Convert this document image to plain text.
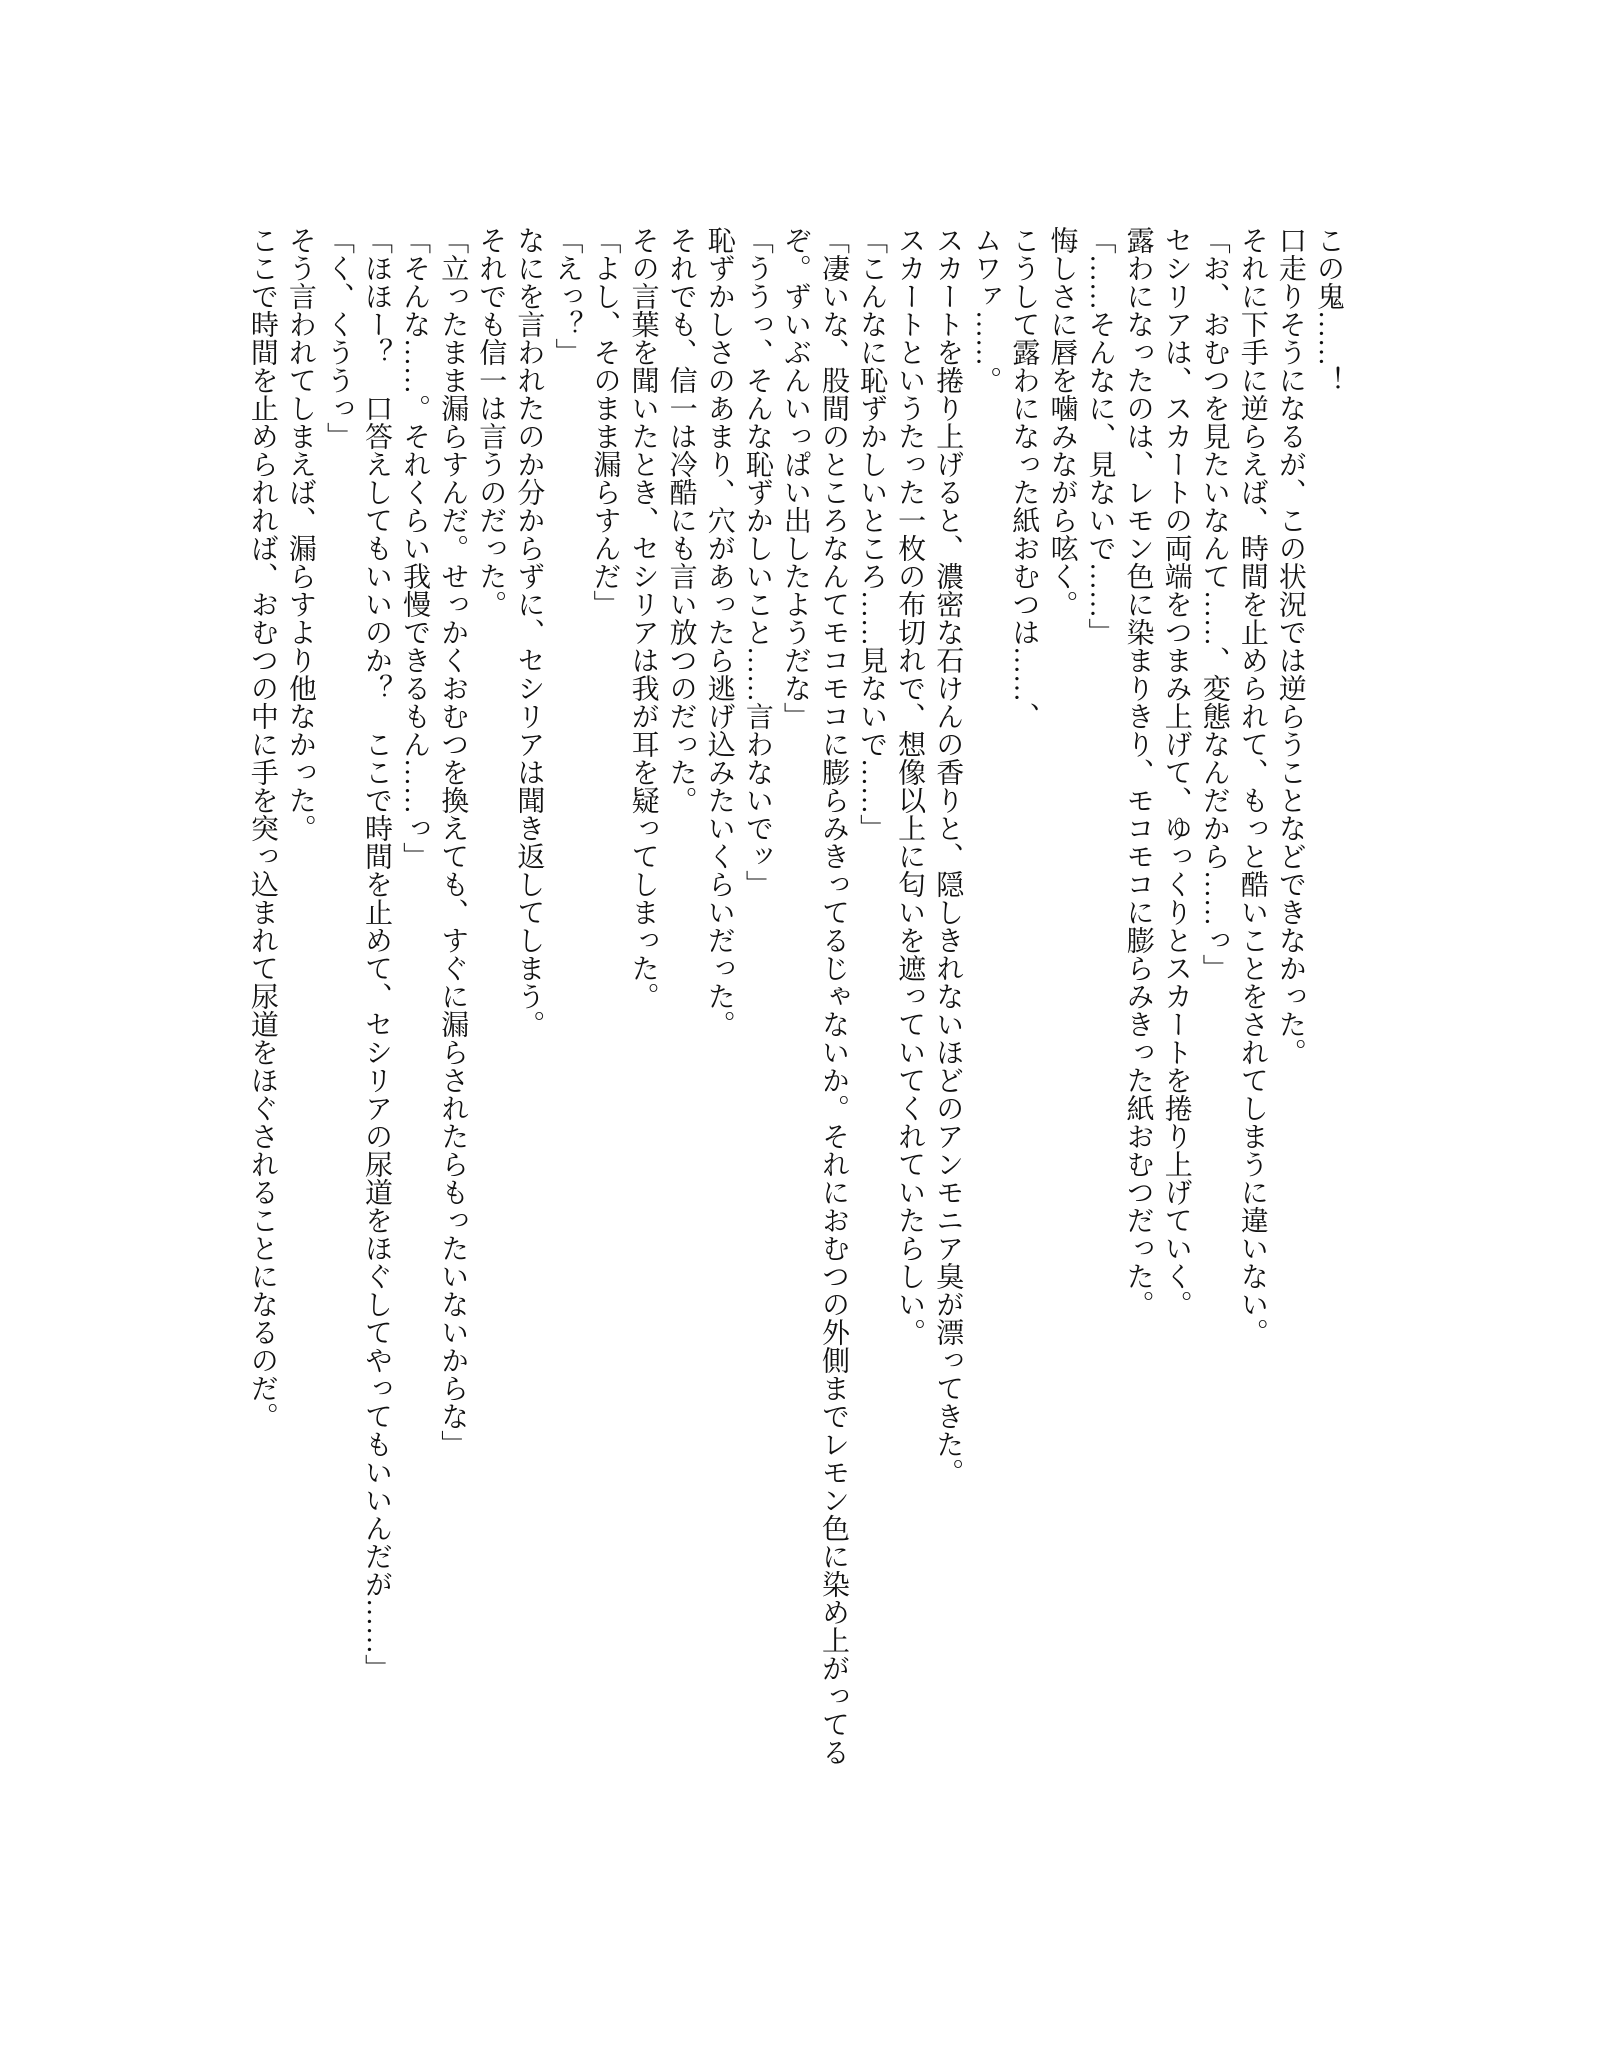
この鬼……！

口走りそうになるが、この状況では逆らうことなどできなかった。

それに下手に逆らえば、時間を止められて、もっと酷いことをされてしまうに違いない。

「お、おむつを見たいなんて……、変態なんだから……っ」

セシリアは、スカートの両端をつまみ上げて、ゆっくりとスカートを捲り上げていく。

露わになったのは、レモン色に染まりきり、モコモコに膨らみきった紙おむつだった。

「……そんなに、見ないで……」

悔しさに唇を噛みながら呟く。

こうして露わになった紙おむつは……、

ムワァ……。

スカートを捲り上げると、濃密な石けんの香りと、隠しきれないほどのアンモニア臭が漂ってきた。

スカートというたった一枚の布切れで、想像以上に匂いを遮っていてくれていたらしい。

「こんなに恥ずかしいところ……見ないで……」

「凄いな、股間のところなんてモコモコに膨らみきってるじゃないか。それにおむつの外側までレモン色に染め上がってるぞ。ずいぶんいっぱい出したようだな」

「ううっ、そんな恥ずかしいこと……言わないでッ」

恥ずかしさのあまり、穴があったら逃げ込みたいくらいだった。

それでも、信一は冷酷にも言い放つのだった。

その言葉を聞いたとき、セシリアは我が耳を疑ってしまった。

「よし、そのまま漏らすんだ」

「えっ？」

なにを言われたのか分からずに、セシリアは聞き返してしまう。

それでも信一は言うのだった。

「立ったまま漏らすんだ。せっかくおむつを換えても、すぐに漏らされたらもったいないからな」

「そんな……。それくらい我慢できるもん……っ」

「ほほー？　口答えしてもいいのか？　ここで時間を止めて、セシリアの尿道をほぐしてやってもいいんだが……」

「く、くううっ」

そう言われてしまえば、漏らすより他なかった。

ここで時間を止められれば、おむつの中に手を突っ込まれて尿道をほぐされることになるのだ。
